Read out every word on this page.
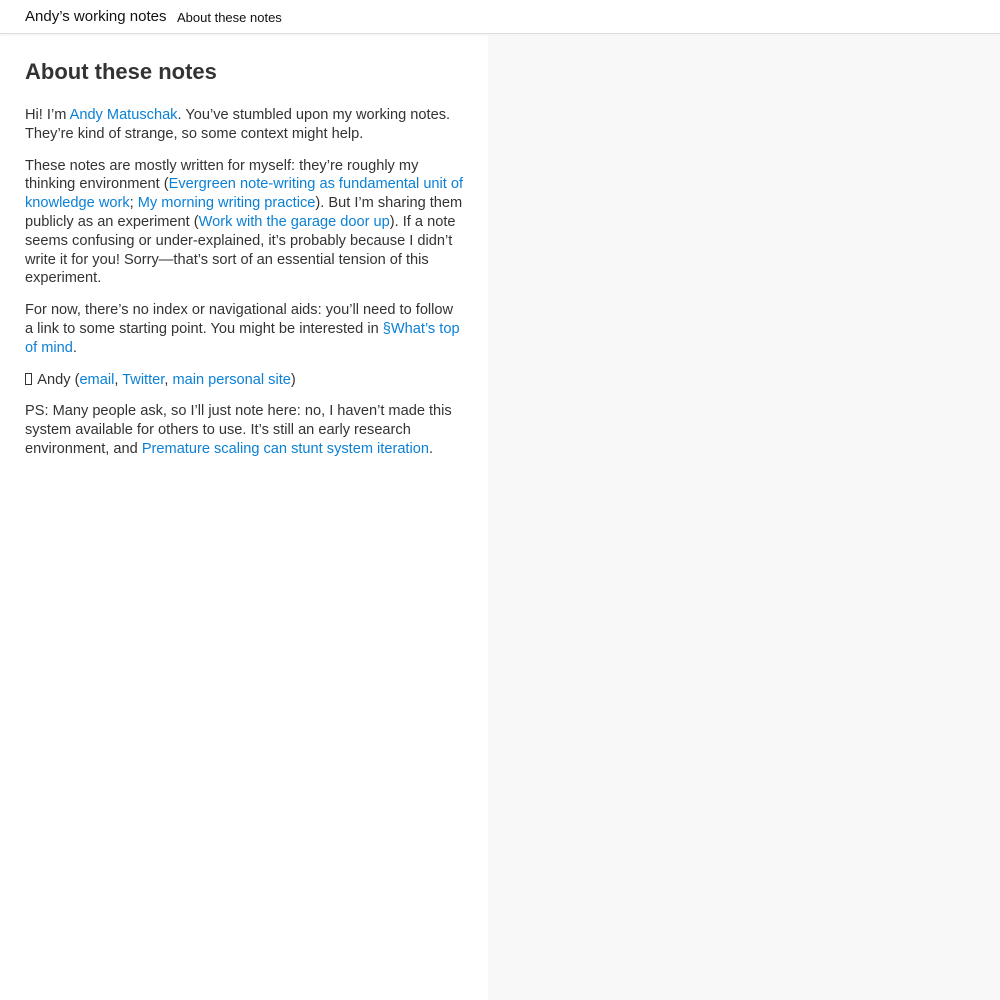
Andy’s working notes About these notes
About these notes

Hi! I’m Andy Matuschak. You’ve stumbled upon my working notes. They’re kind of strange, so some context might help.

These notes are mostly written for myself: they’re roughly my thinking environment (Evergreen note-writing as fundamental unit of knowledge work; My morning writing practice). But I’m sharing them publicly as an experiment (Work with the garage door up). If a note seems confusing or under-explained, it’s probably because I didn’t write it for you! Sorry—that’s sort of an essential tension of this experiment.

For now, there’s no index or navigational aids: you’ll need to follow a link to some starting point. You might be interested in §What’s top of mind.

Andy (email, Twitter, main personal site)

PS: Many people ask, so I’ll just note here: no, I haven’t made this system available for others to use. It’s still an early research environment, and Premature scaling can stunt system iteration.
